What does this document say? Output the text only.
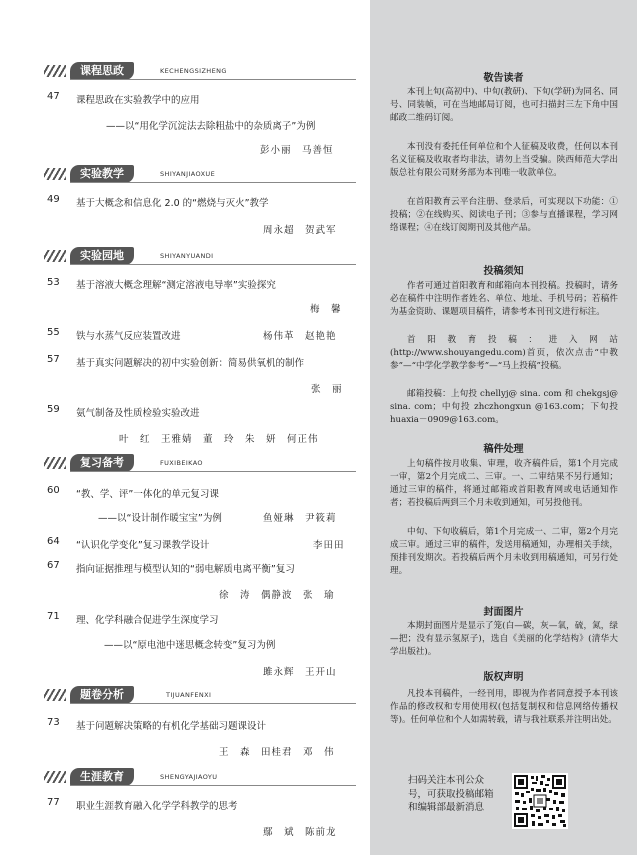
课程思政	KECHENGSIZHENG
实验教学	SHIYANJIAOXUE
实验园地	SHIYANYUANDI
复习备考	FUXIBEIKAO
题卷分析	TIJUANFENXI
生涯教育	SHENGYAJIAOYU
47 课程思政在实验教学中的应用
——以“用化学沉淀法去除粗盐中的杂质离子”为例
彭小丽　马善恒
49 基于大概念和信息化 2.0 的“燃烧与灭火”教学
周永超　贺武军
53 基于溶液大概念理解“测定溶液电导率”实验探究
梅　馨
55 铁与水蒸气反应装置改进	杨伟革　赵艳艳
57 基于真实问题解决的初中实验创新：简易供氧机的制作
张　丽
59 氨气制备及性质检验实验改进
叶　红　王雅婧　董　玲　朱　妍　何正伟
60 “教、学、评”一体化的单元复习课
——以“设计制作暖宝宝”为例	鱼娅琳　尹筱莉
64 “认识化学变化”复习课教学设计	李田田
67 指向证据推理与模型认知的“弱电解质电离平衡”复习
徐　涛　偶静波　张　瑜
71 理、化学科融合促进学生深度学习
——以“原电池中迷思概念转变”复习为例
雎永辉　王开山
73 基于问题解决策略的有机化学基础习题课设计
王　森　田桂君　邓　伟
77 职业生涯教育融入化学学科教学的思考
鄢　斌　陈前龙
敬告读者

本刊上旬(高初中)、中旬(教研)、下旬(学研)为同名、同号、同装帧，可在当地邮局订阅，也可扫描封三左下角中国邮政二维码订阅。

本刊没有委托任何单位和个人征稿及收费，任何以本刊名义征稿及收取者均非法，请勿上当受骗。陕西师范大学出版总社有限公司财务部为本刊唯一收款单位。

在首阳教育云平台注册、登录后，可实现以下功能：①投稿；②在线购买、阅读电子刊；③参与直播课程，学习网络课程；④在线订阅期刊及其他产品。

投稿须知

作者可通过首阳教育和邮箱向本刊投稿。投稿时，请务必在稿件中注明作者姓名、单位、地址、手机号码；若稿件为基金资助、课题项目稿件，请参考本刊刊文进行标注。

首阳教育投稿：进入网站(http://www.shouyangedu.com)首页，依次点击“中教参”—“中学化学教学参考”—“马上投稿”投稿。

邮箱投稿：上旬投 chellyj@ sina. com 和 chekgsj@ sina. com；中旬投 zhczhongxun @163.com；下旬投 huaxia－0909@163.com。

稿件处理

上旬稿件按月收集、审理，收齐稿件后，第1个月完成一审，第2个月完成二、三审。一、二审结果不另行通知；通过三审的稿件，将通过邮箱或首阳教育网或电话通知作者；若投稿后两到三个月未收到通知，可另投他刊。

中旬、下旬收稿后，第1个月完成一、二审，第2个月完成三审。通过三审的稿件，发送用稿通知，办理相关手续，预排刊发期次。若投稿后两个月未收到用稿通知，可另行处理。

封面图片

本期封面图片是显示了笼(白—碳，灰—氧，硫，氮，绿—把；没有显示氢原子)，选自《美丽的化学结构》(清华大学出版社)。

版权声明

凡投本刊稿件，一经刊用，即视为作者同意授予本刊该作品的修改权和专用使用权(包括复制权和信息网络传播权等)。任何单位和个人如需转载，请与我社联系并注明出处。

扫码关注本刊公众号，可获取投稿邮箱和编辑部最新消息
